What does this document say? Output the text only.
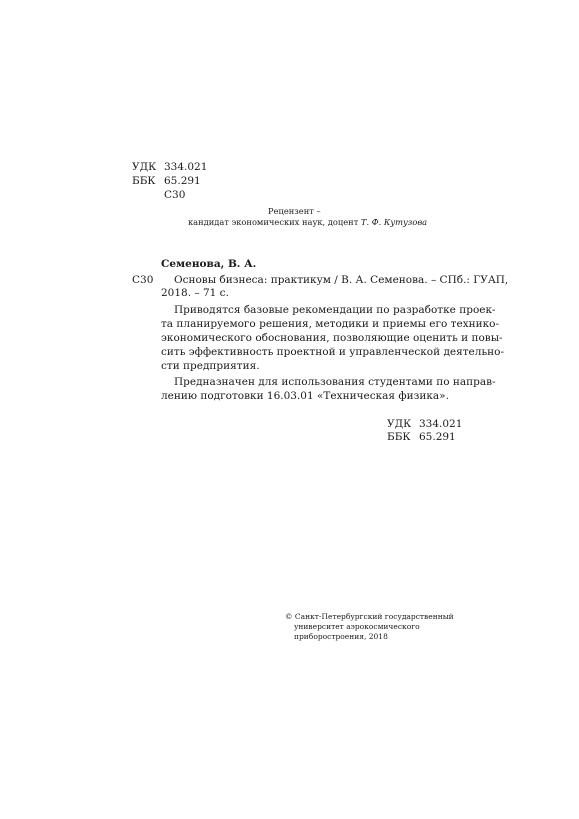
УДК 334.021
ББК 65.291
С30
Рецензент –
кандидат экономических наук, доцент Т. Ф. Кутузова
Семенова, В. А.
С30 Основы бизнеса: практикум / В. А. Семенова. – СПб.: ГУАП,
2018. – 71 с.
Приводятся базовые рекомендации по разработке проек-
та планируемого решения, методики и приемы его технико-
экономического обоснования, позволяющие оценить и повы-
сить эффективность проектной и управленческой деятельно-
сти предприятия.
Предназначен для использования студентами по направ-
лению подготовки 16.03.01 «Техническая физика».
УДК 334.021
ББК 65.291
© Санкт-Петербургский государственный
университет аэрокосмического
приборостроения, 2018
